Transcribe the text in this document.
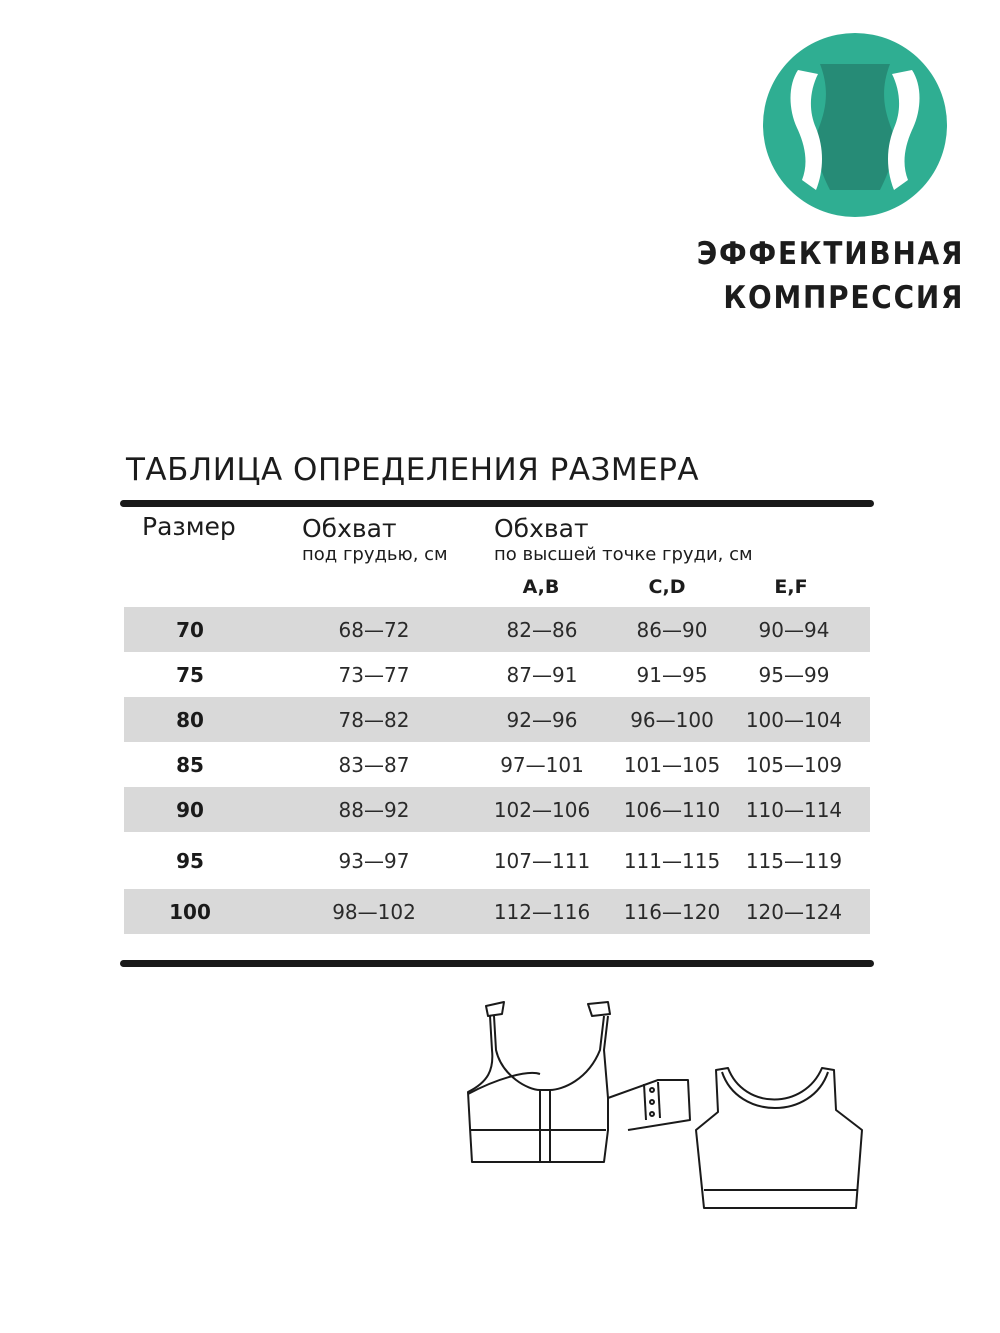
ЭФФЕКТИВНАЯ
КОМПРЕССИЯ
ТАБЛИЦА ОПРЕДЕЛЕНИЯ РАЗМЕРА
Размер	Обхват
под грудью, см
Обхват
по высшей точке груди, см
A,B	C,D	E,F
70	68—72	82—86	86—90	90—94
75	73—77	87—91	91—95	95—99
80	78—82	92—96	96—100	100—104
85	83—87	97—101	101—105 105—109
90	88—92	102—106 106—110 110—114
95	93—97	107—111 111—115 115—119
100	98—102	112—116 116—120 120—124
